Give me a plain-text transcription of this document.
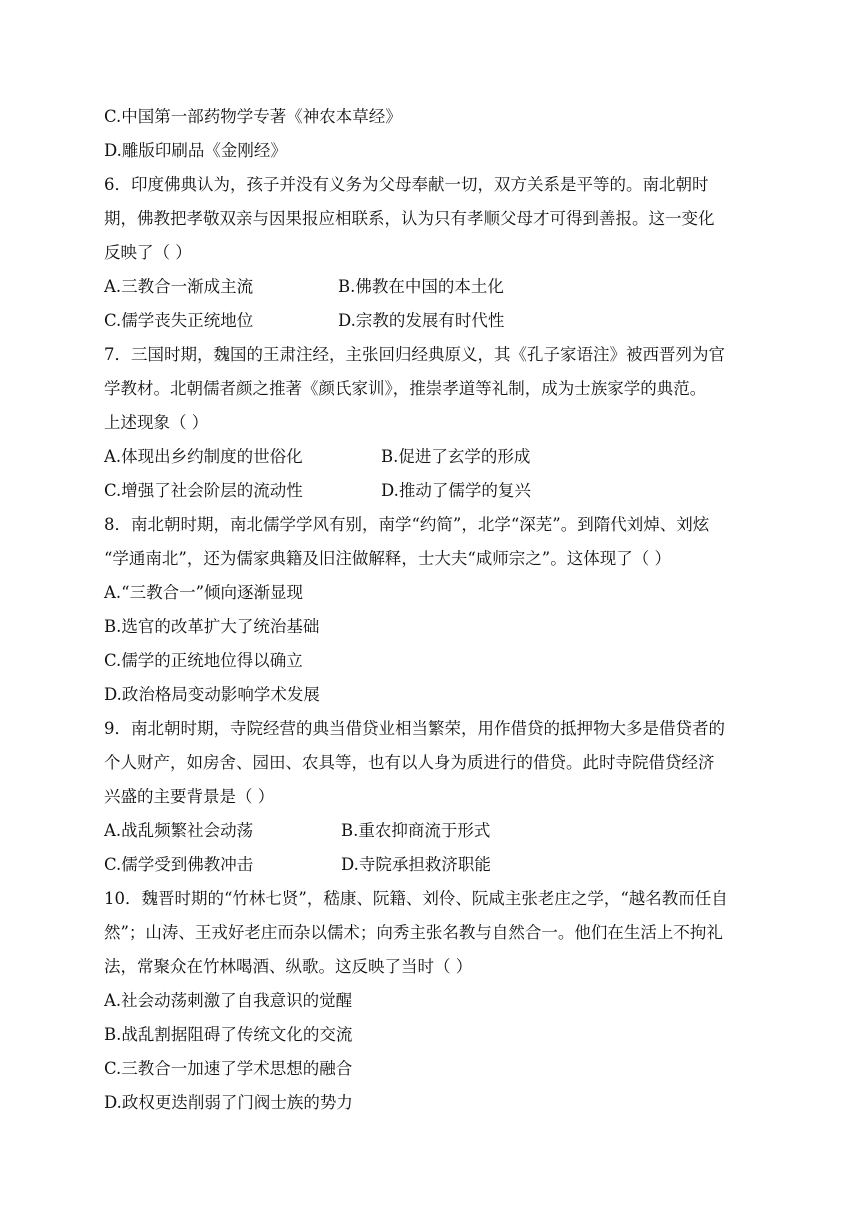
C.中国第一部药物学专著《神农本草经》
D.雕版印刷品《金刚经》
6．印度佛典认为，孩子并没有义务为父母奉献一切，双方关系是平等的。南北朝时
期，佛教把孝敬双亲与因果报应相联系，认为只有孝顺父母才可得到善报。这一变化
反映了（ ）
A.三教合一渐成主流	B.佛教在中国的本土化
C.儒学丧失正统地位	D.宗教的发展有时代性
7．三国时期，魏国的王肃注经，主张回归经典原义，其《孔子家语注》被西晋列为官
学教材。北朝儒者颜之推著《颜氏家训》，推崇孝道等礼制，成为士族家学的典范。
上述现象（ ）
A.体现出乡约制度的世俗化	B.促进了玄学的形成
C.增强了社会阶层的流动性	D.推动了儒学的复兴
8．南北朝时期，南北儒学学风有别，南学“约简”，北学“深芜”。到隋代刘焯、刘炫
“学通南北”，还为儒家典籍及旧注做解释，士大夫“咸师宗之”。这体现了（ ）
A.“三教合一”倾向逐渐显现
B.选官的改革扩大了统治基础
C.儒学的正统地位得以确立
D.政治格局变动影响学术发展
9．南北朝时期，寺院经营的典当借贷业相当繁荣，用作借贷的抵押物大多是借贷者的
个人财产，如房舍、园田、农具等，也有以人身为质进行的借贷。此时寺院借贷经济
兴盛的主要背景是（ ）
A.战乱频繁社会动荡	B.重农抑商流于形式
C.儒学受到佛教冲击	D.寺院承担救济职能
10．魏晋时期的“竹林七贤”，嵇康、阮籍、刘伶、阮咸主张老庄之学，“越名教而任自
然”；山涛、王戎好老庄而杂以儒术；向秀主张名教与自然合一。他们在生活上不拘礼
法，常聚众在竹林喝酒、纵歌。这反映了当时（ ）
A.社会动荡刺激了自我意识的觉醒
B.战乱割据阻碍了传统文化的交流
C.三教合一加速了学术思想的融合
D.政权更迭削弱了门阀士族的势力
